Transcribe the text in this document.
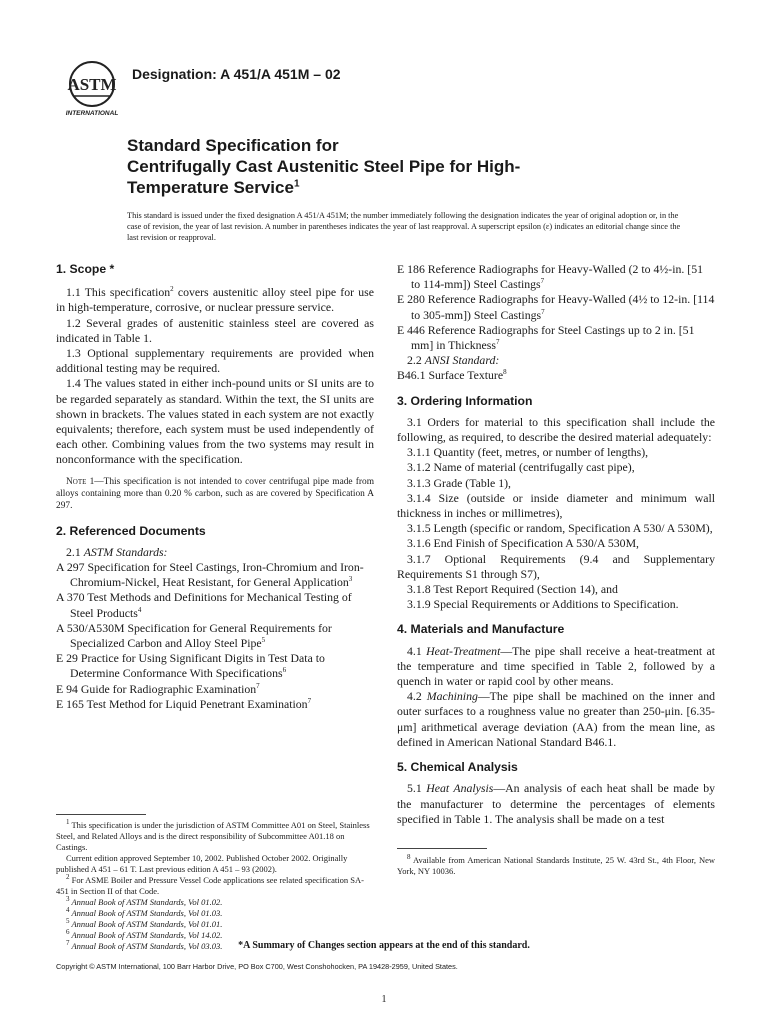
ASTM
INTERNATIONAL
Designation: A 451/A 451M – 02
Standard Specification for
Centrifugally Cast Austenitic Steel Pipe for High-
Temperature Service$^1$
This standard is issued under the fixed designation A 451/A 451M; the number immediately following the designation indicates the year of original adoption or, in the case of revision, the year of last revision. A number in parentheses indicates the year of last reapproval. A superscript epsilon (ε) indicates an editorial change since the last revision or reapproval.
1. Scope *

1.1 This specification$^2$ covers austenitic alloy steel pipe for use in high-temperature, corrosive, or nuclear pressure service.

1.2 Several grades of austenitic stainless steel are covered as indicated in Table 1.

1.3 Optional supplementary requirements are provided when additional testing may be required.

1.4 The values stated in either inch-pound units or SI units are to be regarded separately as standard. Within the text, the SI units are shown in brackets. The values stated in each system are not exactly equivalents; therefore, each system must be used independently of each other. Combining values from the two systems may result in nonconformance with the specification.

Note 1—This specification is not intended to cover centrifugal pipe made from alloys containing more than 0.20 % carbon, such as are covered by Specification A 297.

2. Referenced Documents

2.1 ASTM Standards:

A 297 Specification for Steel Castings, Iron-Chromium and Iron-Chromium-Nickel, Heat Resistant, for General Application$^3$

A 370 Test Methods and Definitions for Mechanical Testing of Steel Products$^4$

A 530/A530M Specification for General Requirements for Specialized Carbon and Alloy Steel Pipe$^5$

E 29 Practice for Using Significant Digits in Test Data to Determine Conformance With Specifications$^6$

E 94 Guide for Radiographic Examination$^7$

E 165 Test Method for Liquid Penetrant Examination$^7$

E 186 Reference Radiographs for Heavy-Walled (2 to 4½-in. [51 to 114-mm]) Steel Castings$^7$

E 280 Reference Radiographs for Heavy-Walled (4½ to 12-in. [114 to 305-mm]) Steel Castings$^7$

E 446 Reference Radiographs for Steel Castings up to 2 in. [51 mm] in Thickness$^7$

2.2 ANSI Standard:

B46.1 Surface Texture$^8$

3. Ordering Information

3.1 Orders for material to this specification shall include the following, as required, to describe the desired material adequately:

3.1.1 Quantity (feet, metres, or number of lengths),

3.1.2 Name of material (centrifugally cast pipe),

3.1.3 Grade (Table 1),

3.1.4 Size (outside or inside diameter and minimum wall thickness in inches or millimetres),

3.1.5 Length (specific or random, Specification A 530/ A 530M),

3.1.6 End Finish of Specification A 530/A 530M,

3.1.7 Optional Requirements (9.4 and Supplementary Requirements S1 through S7),

3.1.8 Test Report Required (Section 14), and

3.1.9 Special Requirements or Additions to Specification.

4. Materials and Manufacture

4.1 Heat-Treatment—The pipe shall receive a heat-treatment at the temperature and time specified in Table 2, followed by a quench in water or rapid cool by other means.

4.2 Machining—The pipe shall be machined on the inner and outer surfaces to a roughness value no greater than 250-μin. [6.35-μm] arithmetical average deviation (AA) from the mean line, as defined in American National Standard B46.1.

5. Chemical Analysis

5.1 Heat Analysis—An analysis of each heat shall be made by the manufacturer to determine the percentages of elements specified in Table 1. The analysis shall be made on a test

$^1$ This specification is under the jurisdiction of ASTM Committee A01 on Steel, Stainless Steel, and Related Alloys and is the direct responsibility of Subcommittee A01.18 on Castings.

Current edition approved September 10, 2002. Published October 2002. Originally published A 451 – 61 T. Last previous edition A 451 – 93 (2002).

$^2$ For ASME Boiler and Pressure Vessel Code applications see related specification SA-451 in Section II of that Code.

$^3$ Annual Book of ASTM Standards, Vol 01.02.

$^4$ Annual Book of ASTM Standards, Vol 01.03.

$^5$ Annual Book of ASTM Standards, Vol 01.01.

$^6$ Annual Book of ASTM Standards, Vol 14.02.

$^7$ Annual Book of ASTM Standards, Vol 03.03.

$^8$ Available from American National Standards Institute, 25 W. 43rd St., 4th Floor, New York, NY 10036.

*A Summary of Changes section appears at the end of this standard.
Copyright © ASTM International, 100 Barr Harbor Drive, PO Box C700, West Conshohocken, PA 19428-2959, United States.
1
